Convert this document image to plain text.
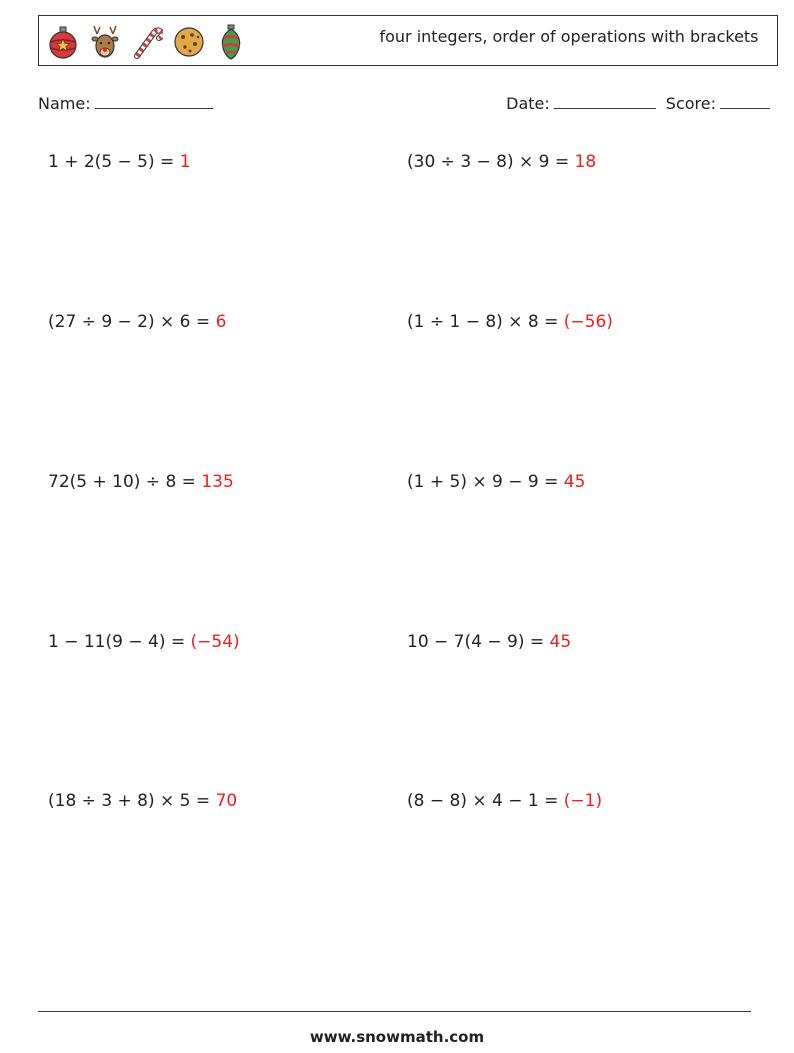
four integers, order of operations with brackets
Name:	Date:	Score:
1 + 2(5 − 5) = 1	(30 ÷ 3 − 8) × 9 = 18
(27 ÷ 9 − 2) × 6 = 6	(1 ÷ 1 − 8) × 8 = (−56)
72(5 + 10) ÷ 8 = 135	(1 + 5) × 9 − 9 = 45
1 − 11(9 − 4) = (−54)	10 − 7(4 − 9) = 45
(18 ÷ 3 + 8) × 5 = 70	(8 − 8) × 4 − 1 = (−1)
www.snowmath.com
